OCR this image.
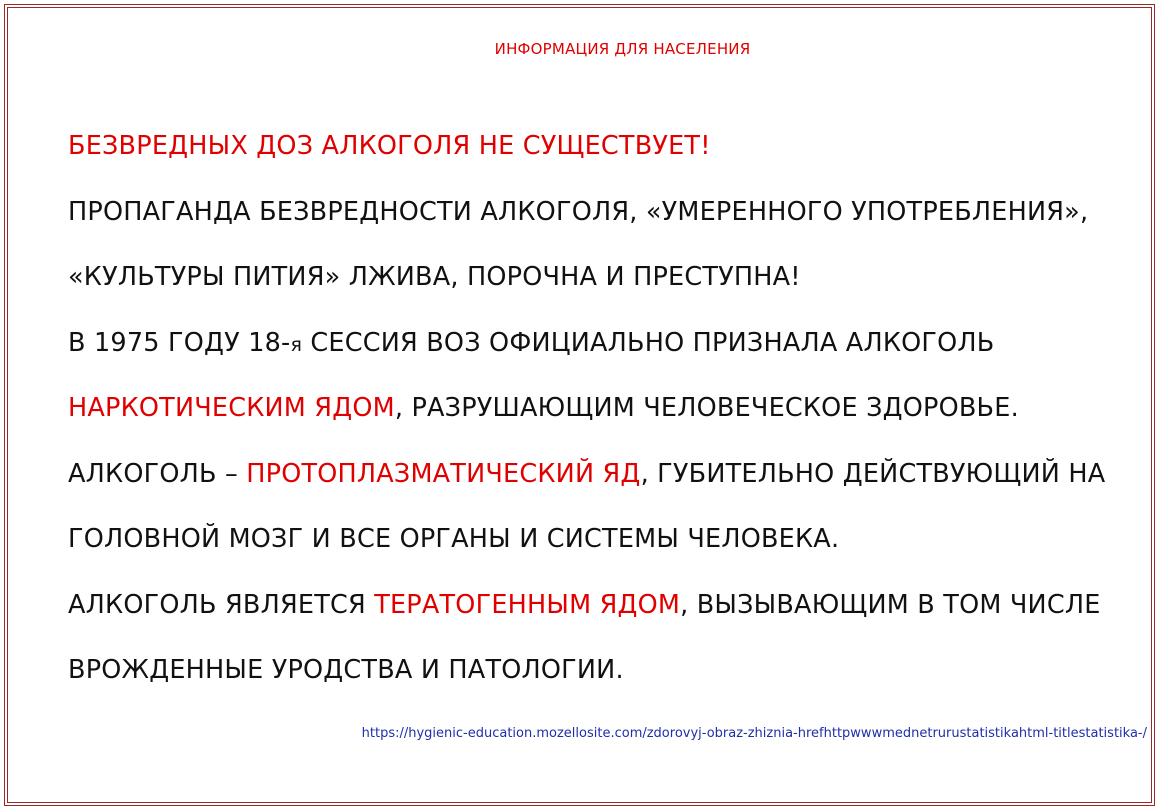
ИНФОРМАЦИЯ ДЛЯ НАСЕЛЕНИЯ
БЕЗВРЕДНЫХ ДОЗ АЛКОГОЛЯ НЕ СУЩЕСТВУЕТ!
ПРОПАГАНДА БЕЗВРЕДНОСТИ АЛКОГОЛЯ, «УМЕРЕННОГО УПОТРЕБЛЕНИЯ»,
«КУЛЬТУРЫ ПИТИЯ» ЛЖИВА, ПОРОЧНА И ПРЕСТУПНА!
В 1975 ГОДУ 18-я СЕССИЯ ВОЗ ОФИЦИАЛЬНО ПРИЗНАЛА АЛКОГОЛЬ
НАРКОТИЧЕСКИМ ЯДОМ, РАЗРУШАЮЩИМ ЧЕЛОВЕЧЕСКОЕ ЗДОРОВЬЕ.
АЛКОГОЛЬ – ПРОТОПЛАЗМАТИЧЕСКИЙ ЯД, ГУБИТЕЛЬНО ДЕЙСТВУЮЩИЙ НА
ГОЛОВНОЙ МОЗГ И ВСЕ ОРГАНЫ И СИСТЕМЫ ЧЕЛОВЕКА.
АЛКОГОЛЬ ЯВЛЯЕТСЯ ТЕРАТОГЕННЫМ ЯДОМ, ВЫЗЫВАЮЩИМ В ТОМ ЧИСЛЕ
ВРОЖДЕННЫЕ УРОДСТВА И ПАТОЛОГИИ.
https://hygienic-education.mozellosite.com/zdorovyj-obraz-zhiznia-hrefhttpwwwmednetrurustatistikahtml-titlestatistika-/
